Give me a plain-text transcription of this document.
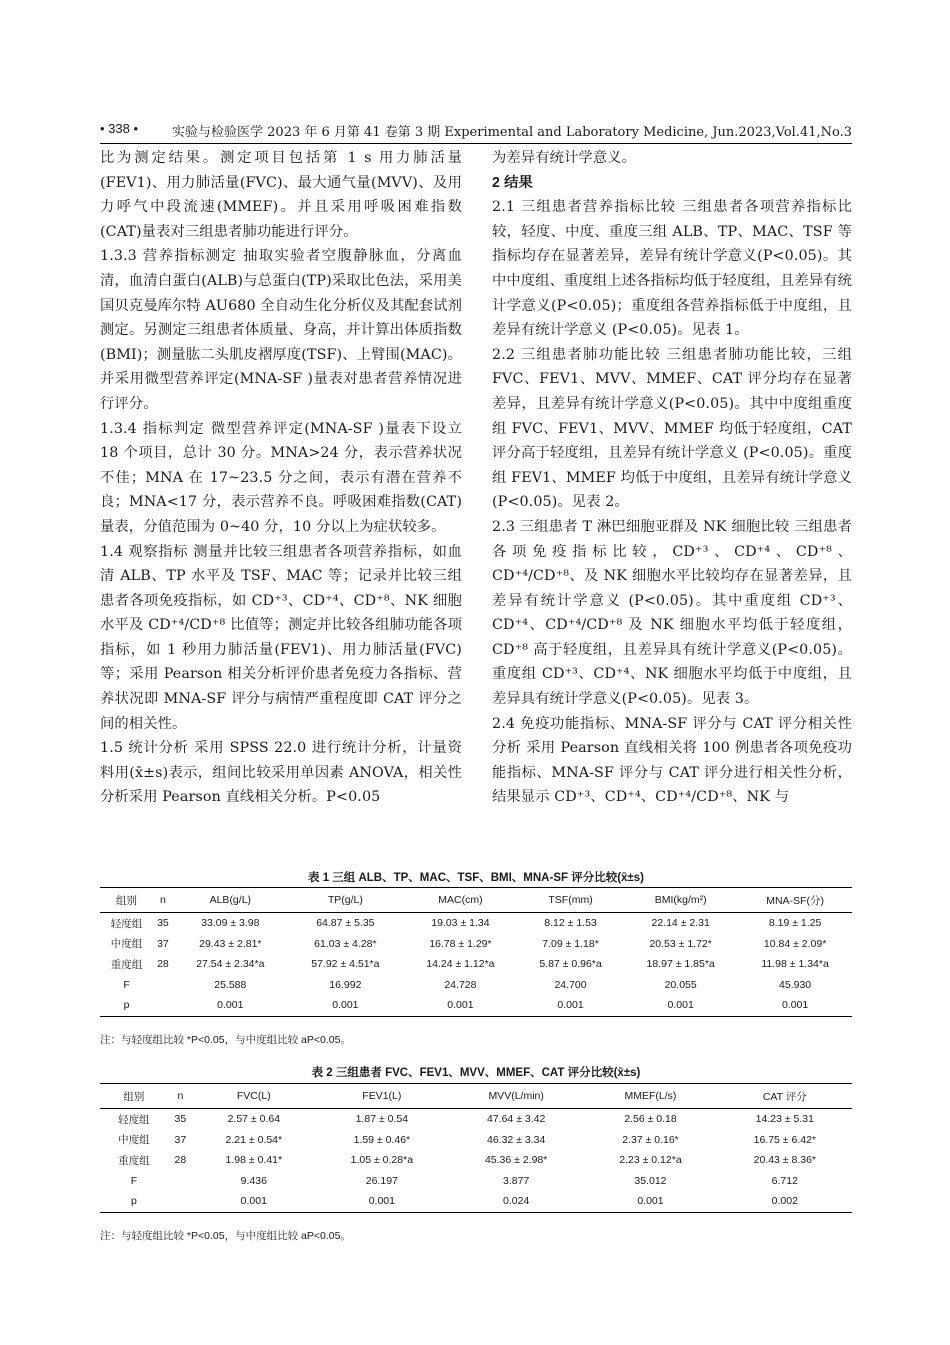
• 338 •	实验与检验医学 2023 年 6 月第 41 卷第 3 期 Experimental and Laboratory Medicine, Jun.2023,Vol.41,No.3

比为测定结果。测定项目包括第 1 s 用力肺活量(FEV1)、用力肺活量(FVC)、最大通气量(MVV)、及用力呼气中段流速(MMEF)。并且采用呼吸困难指数(CAT)量表对三组患者肺功能进行评分。

1.3.3 营养指标测定 抽取实验者空腹静脉血，分离血清，血清白蛋白(ALB)与总蛋白(TP)采取比色法，采用美国贝克曼库尔特 AU680 全自动生化分析仪及其配套试剂测定。另测定三组患者体质量、身高，并计算出体质指数(BMI)；测量肱二头肌皮褶厚度(TSF)、上臂围(MAC)。并采用微型营养评定(MNA-SF )量表对患者营养情况进行评分。

1.3.4 指标判定 微型营养评定(MNA-SF )量表下设立 18 个项目，总计 30 分。MNA>24 分，表示营养状况不佳；MNA 在 17~23.5 分之间，表示有潜在营养不良；MNA<17 分，表示营养不良。呼吸困难指数(CAT)量表，分值范围为 0~40 分，10 分以上为症状较多。

1.4 观察指标 测量并比较三组患者各项营养指标，如血清 ALB、TP 水平及 TSF、MAC 等；记录并比较三组患者各项免疫指标，如 CD⁺³、CD⁺⁴、CD⁺⁸、NK 细胞水平及 CD⁺⁴/CD⁺⁸ 比值等；测定并比较各组肺功能各项指标，如 1 秒用力肺活量(FEV1)、用力肺活量(FVC)等；采用 Pearson 相关分析评价患者免疫力各指标、营养状况即 MNA-SF 评分与病情严重程度即 CAT 评分之间的相关性。

1.5 统计分析 采用 SPSS 22.0 进行统计分析，计量资料用(x̄±s)表示，组间比较采用单因素 ANOVA，相关性分析采用 Pearson 直线相关分析。P<0.05

为差异有统计学意义。

2 结果

2.1 三组患者营养指标比较 三组患者各项营养指标比较，轻度、中度、重度三组 ALB、TP、MAC、TSF 等指标均存在显著差异，差异有统计学意义(P<0.05)。其中中度组、重度组上述各指标均低于轻度组，且差异有统计学意义(P<0.05)；重度组各营养指标低于中度组，且差异有统计学意义 (P<0.05)。见表 1。

2.2 三组患者肺功能比较 三组患者肺功能比较，三组 FVC、FEV1、MVV、MMEF、CAT 评分均存在显著差异，且差异有统计学意义(P<0.05)。其中中度组重度组 FVC、FEV1、MVV、MMEF 均低于轻度组，CAT 评分高于轻度组，且差异有统计学意义 (P<0.05)。重度组 FEV1、MMEF 均低于中度组，且差异有统计学意义(P<0.05)。见表 2。

2.3 三组患者 T 淋巴细胞亚群及 NK 细胞比较 三组患者各项免疫指标比较，CD⁺³、CD⁺⁴、CD⁺⁸、CD⁺⁴/CD⁺⁸、及 NK 细胞水平比较均存在显著差异，且差异有统计学意义 (P<0.05)。其中重度组 CD⁺³、CD⁺⁴、CD⁺⁴/CD⁺⁸ 及 NK 细胞水平均低于轻度组，CD⁺⁸ 高于轻度组，且差异具有统计学意义(P<0.05)。重度组 CD⁺³、CD⁺⁴、NK 细胞水平均低于中度组，且差异具有统计学意义(P<0.05)。见表 3。

2.4 免疫功能指标、MNA-SF 评分与 CAT 评分相关性分析 采用 Pearson 直线相关将 100 例患者各项免疫功能指标、MNA-SF 评分与 CAT 评分进行相关性分析，结果显示 CD⁺³、CD⁺⁴、CD⁺⁴/CD⁺⁸、NK 与

表 1 三组 ALB、TP、MAC、TSF、BMI、MNA-SF 评分比较(x̄±s)
组别	n	ALB(g/L)	TP(g/L)	MAC(cm)	TSF(mm)	BMI(kg/m²)	MNA-SF(分)
轻度组	35	33.09 ± 3.98	64.87 ± 5.35	19.03 ± 1.34	8.12 ± 1.53	22.14 ± 2.31	8.19 ± 1.25
中度组	37	29.43 ± 2.81*	61.03 ± 4.28*	16.78 ± 1.29*	7.09 ± 1.18*	20.53 ± 1.72*	10.84 ± 2.09*
重度组	28	27.54 ± 2.34*a	57.92 ± 4.51*a	14.24 ± 1.12*a	5.87 ± 0.96*a	18.97 ± 1.85*a	11.98 ± 1.34*a
F		25.588	16.992	24.728	24.700	20.055	45.930
p		0.001	0.001	0.001	0.001	0.001	0.001
注：与轻度组比较 *P<0.05，与中度组比较 aP<0.05。
表 2 三组患者 FVC、FEV1、MVV、MMEF、CAT 评分比较(x̄±s)
组别	n	FVC(L)	FEV1(L)	MVV(L/min)	MMEF(L/s)	CAT 评分
轻度组	35	2.57 ± 0.64	1.87 ± 0.54	47.64 ± 3.42	2.56 ± 0.18	14.23 ± 5.31
中度组	37	2.21 ± 0.54*	1.59 ± 0.46*	46.32 ± 3.34	2.37 ± 0.16*	16.75 ± 6.42*
重度组	28	1.98 ± 0.41*	1.05 ± 0.28*a	45.36 ± 2.98*	2.23 ± 0.12*a	20.43 ± 8.36*
F		9.436	26.197	3.877	35.012	6.712
p		0.001	0.001	0.024	0.001	0.002
注：与轻度组比较 *P<0.05，与中度组比较 aP<0.05。
